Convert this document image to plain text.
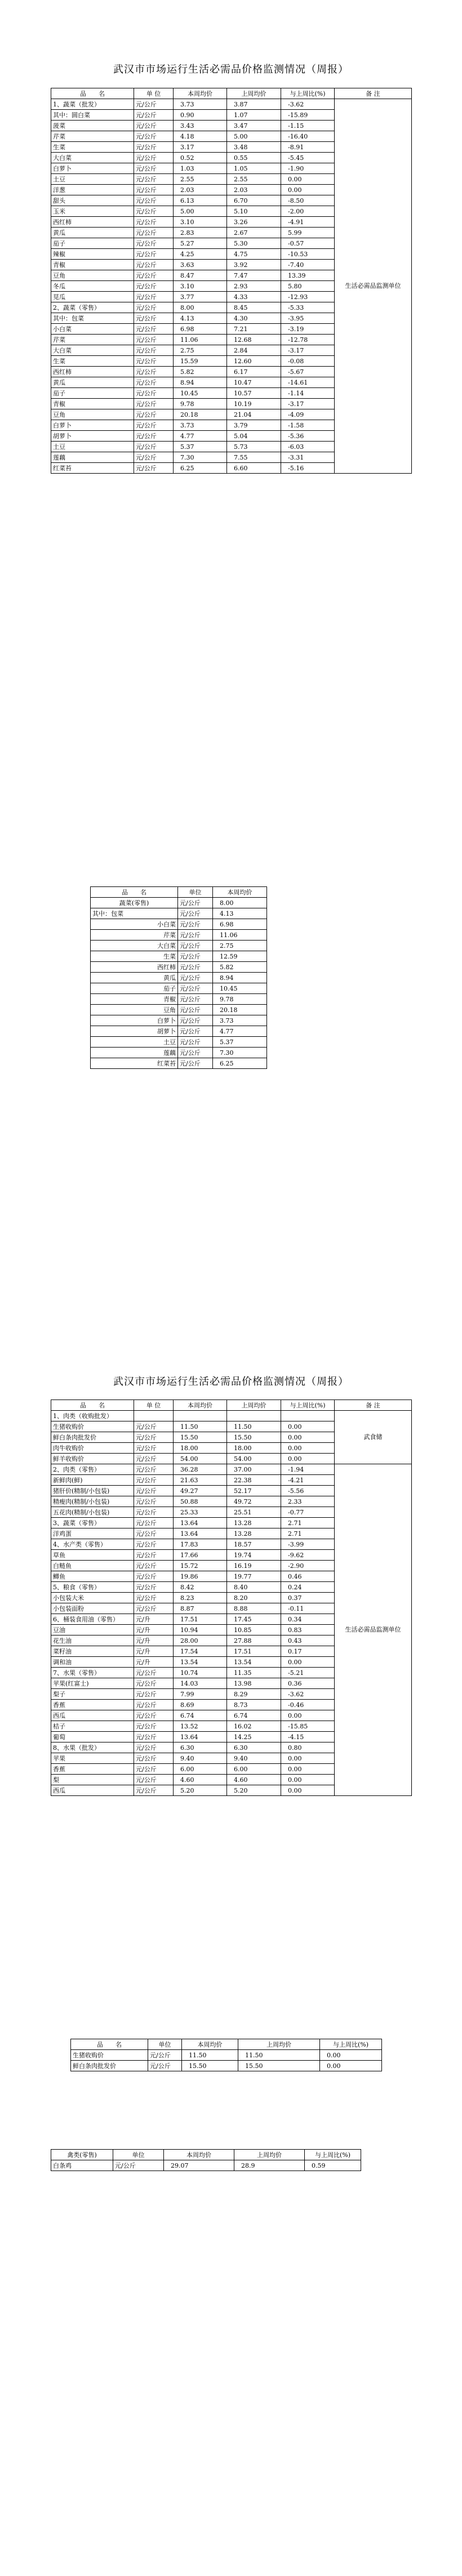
武汉市市场运行生活必需品价格监测情况（周报）
品　　名	单 位	本周均价	上周均价	与上周比(%)	备 注
1、蔬菜（批发）	元/公斤	3.73	3.87	-3.62	生活必需品监测单位
其中：圆白菜	元/公斤	0.90	1.07	-15.89	
菠菜	元/公斤	3.43	3.47	-1.15	
芹菜	元/公斤	4.18	5.00	-16.40	
生菜	元/公斤	3.17	3.48	-8.91	
大白菜	元/公斤	0.52	0.55	-5.45	
白萝卜	元/公斤	1.03	1.05	-1.90	
土豆	元/公斤	2.55	2.55	0.00	
洋葱	元/公斤	2.03	2.03	0.00	
甜头	元/公斤	6.13	6.70	-8.50	
玉米	元/公斤	5.00	5.10	-2.00	
西红柿	元/公斤	3.10	3.26	-4.91	
黄瓜	元/公斤	2.83	2.67	5.99	
茄子	元/公斤	5.27	5.30	-0.57	
辣椒	元/公斤	4.25	4.75	-10.53	
青椒	元/公斤	3.63	3.92	-7.40	
豆角	元/公斤	8.47	7.47	13.39	
冬瓜	元/公斤	3.10	2.93	5.80	
苋瓜	元/公斤	3.77	4.33	-12.93	
2、蔬菜（零售）	元/公斤	8.00	8.45	-5.33	
其中：包菜	元/公斤	4.13	4.30	-3.95	
小白菜	元/公斤	6.98	7.21	-3.19	
芹菜	元/公斤	11.06	12.68	-12.78	
大白菜	元/公斤	2.75	2.84	-3.17	
生菜	元/公斤	15.59	12.60	-0.08	
西红柿	元/公斤	5.82	6.17	-5.67	
黄瓜	元/公斤	8.94	10.47	-14.61	
茄子	元/公斤	10.45	10.57	-1.14	
青椒	元/公斤	9.78	10.19	-3.17	
豆角	元/公斤	20.18	21.04	-4.09	
白萝卜	元/公斤	3.73	3.79	-1.58	
胡萝卜	元/公斤	4.77	5.04	-5.36	
土豆	元/公斤	5.37	5.73	-6.03	
莲藕	元/公斤	7.30	7.55	-3.31	
红菜苔	元/公斤	6.25	6.60	-5.16	
品　　名	单位	本周均价
蔬菜(零售)	元/公斤	8.00
其中：包菜	元/公斤	4.13
小白菜	元/公斤	6.98
芹菜	元/公斤	11.06
大白菜	元/公斤	2.75
生菜	元/公斤	12.59
西红柿	元/公斤	5.82
黄瓜	元/公斤	8.94
茄子	元/公斤	10.45
青椒	元/公斤	9.78
豆角	元/公斤	20.18
白萝卜	元/公斤	3.73
胡萝卜	元/公斤	4.77
土豆	元/公斤	5.37
莲藕	元/公斤	7.30
红菜苔	元/公斤	6.25
武汉市市场运行生活必需品价格监测情况（周报）
品　　名	单 位	本周均价	上周均价	与上周比(%)	备 注
1、肉类（收购批发）					武食储
生猪收购价	元/公斤	11.50	11.50	0.00	
鲜白条肉批发价	元/公斤	15.50	15.50	0.00	
肉牛收购价	元/公斤	18.00	18.00	0.00	
鲜羊收购价	元/公斤	54.00	54.00	0.00	
2、肉类（零售）	元/公斤	36.28	37.00	-1.94	生活必需品监测单位
新鲜肉(鲜)	元/公斤	21.63	22.38	-4.21	
猪肝价(精制/小包装)	元/公斤	49.27	52.17	-5.56	
精瘦肉(精制/小包装)	元/公斤	50.88	49.72	2.33	
五花肉(精制/小包装)	元/公斤	25.33	25.51	-0.77	
3、蔬菜（零售）	元/公斤	13.64	13.28	2.71	
洋鸡蛋	元/公斤	13.64	13.28	2.71	
4、水产类（零售）	元/公斤	17.83	18.57	-3.99	
草鱼	元/公斤	17.66	19.74	-9.62	
白鲢鱼	元/公斤	15.72	16.19	-2.90	
鲫鱼	元/公斤	19.86	19.77	0.46	
5、粮食（零售）	元/公斤	8.42	8.40	0.24	
小包装大米	元/公斤	8.23	8.20	0.37	
小包装面粉	元/公斤	8.87	8.88	-0.11	
6、桶装食用油（零售）	元/升	17.51	17.45	0.34	
豆油	元/升	10.94	10.85	0.83	
花生油	元/升	28.00	27.88	0.43	
菜籽油	元/升	17.54	17.51	0.17	
调和油	元/升	13.54	13.54	0.00	
7、水果（零售）	元/公斤	10.74	11.35	-5.21	
苹果(红富士)	元/公斤	14.03	13.98	0.36	
梨子	元/公斤	7.99	8.29	-3.62	
香蕉	元/公斤	8.69	8.73	-0.46	
西瓜	元/公斤	6.74	6.74	0.00	
桔子	元/公斤	13.52	16.02	-15.85	
葡萄	元/公斤	13.64	14.25	-4.15	
8、水果（批发）	元/公斤	6.30	6.30	0.80	
苹果	元/公斤	9.40	9.40	0.00	
香蕉	元/公斤	6.00	6.00	0.00	
梨	元/公斤	4.60	4.60	0.00	
西瓜	元/公斤	5.20	5.20	0.00	
品　　名	单位	本周均价	上周均价	与上周比(%)
生猪收购价	元/公斤	11.50	11.50	0.00
鲜白条肉批发价	元/公斤	15.50	15.50	0.00
禽类(零售)	单位	本周均价	上周均价	与上周比(%)
白条鸡	元/公斤	29.07	28.9	0.59
